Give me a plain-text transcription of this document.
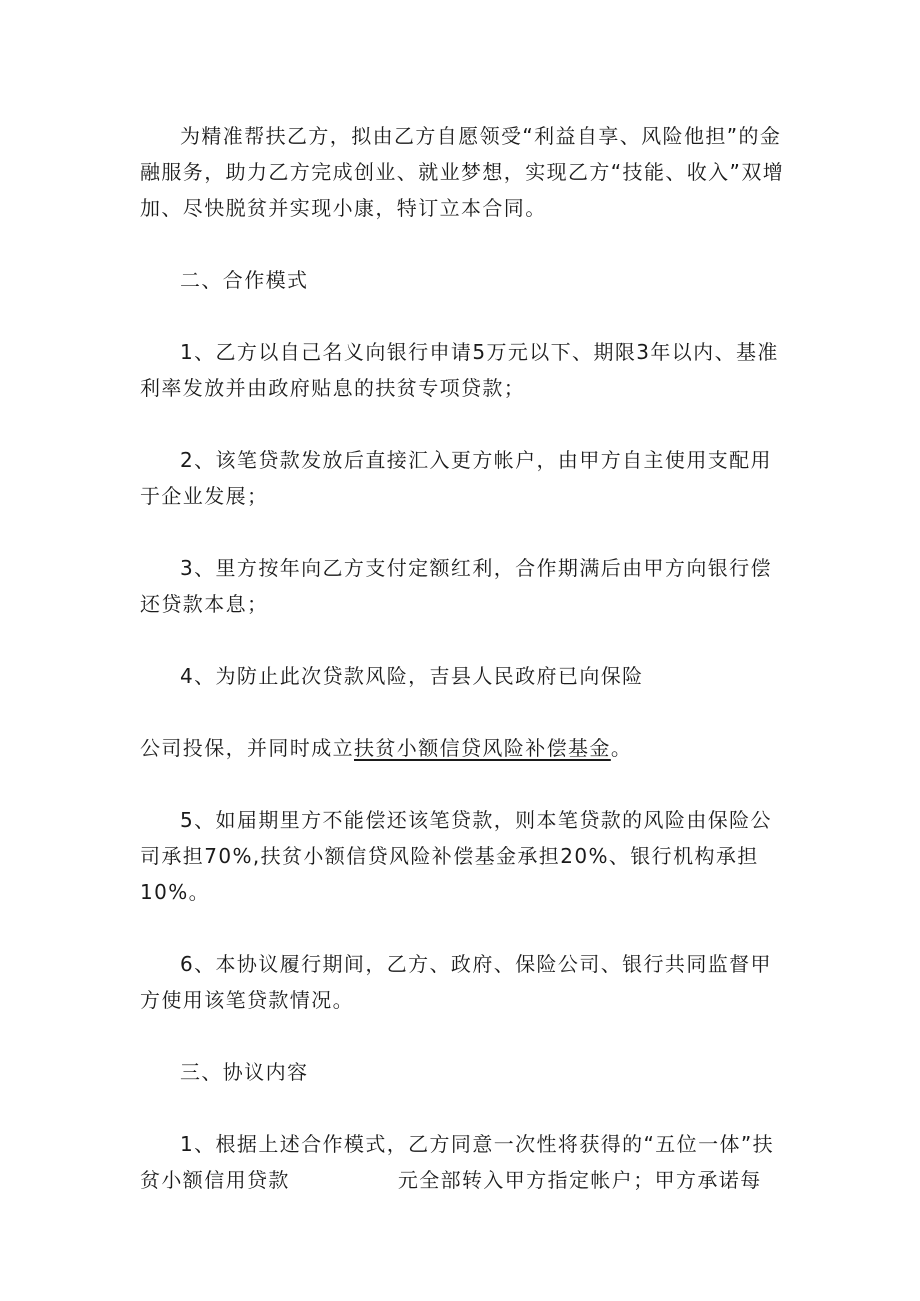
为精准帮扶乙方，拟由乙方自愿领受“利益自享、风险他担”的金融服务，助力乙方完成创业、就业梦想，实现乙方“技能、收入”双增加、尽快脱贫并实现小康，特订立本合同。

二、合作模式

1、乙方以自己名义向银行申请5万元以下、期限3年以内、基准利率发放并由政府贴息的扶贫专项贷款；

2、该笔贷款发放后直接汇入更方帐户，由甲方自主使用支配用于企业发展；

3、里方按年向乙方支付定额红利，合作期满后由甲方向银行偿还贷款本息；

4、为防止此次贷款风险，吉县人民政府已向保险

公司投保，并同时成立扶贫小额信贷风险补偿基金。

5、如届期里方不能偿还该笔贷款，则本笔贷款的风险由保险公司承担70%,扶贫小额信贷风险补偿基金承担20%、银行机构承担10%。

6、本协议履行期间，乙方、政府、保险公司、银行共同监督甲方使用该笔贷款情况。

三、协议内容

1、根据上述合作模式，乙方同意一次性将获得的“五位一体”扶贫小额信用贷款	元全部转入甲方指定帐户；甲方承诺每
